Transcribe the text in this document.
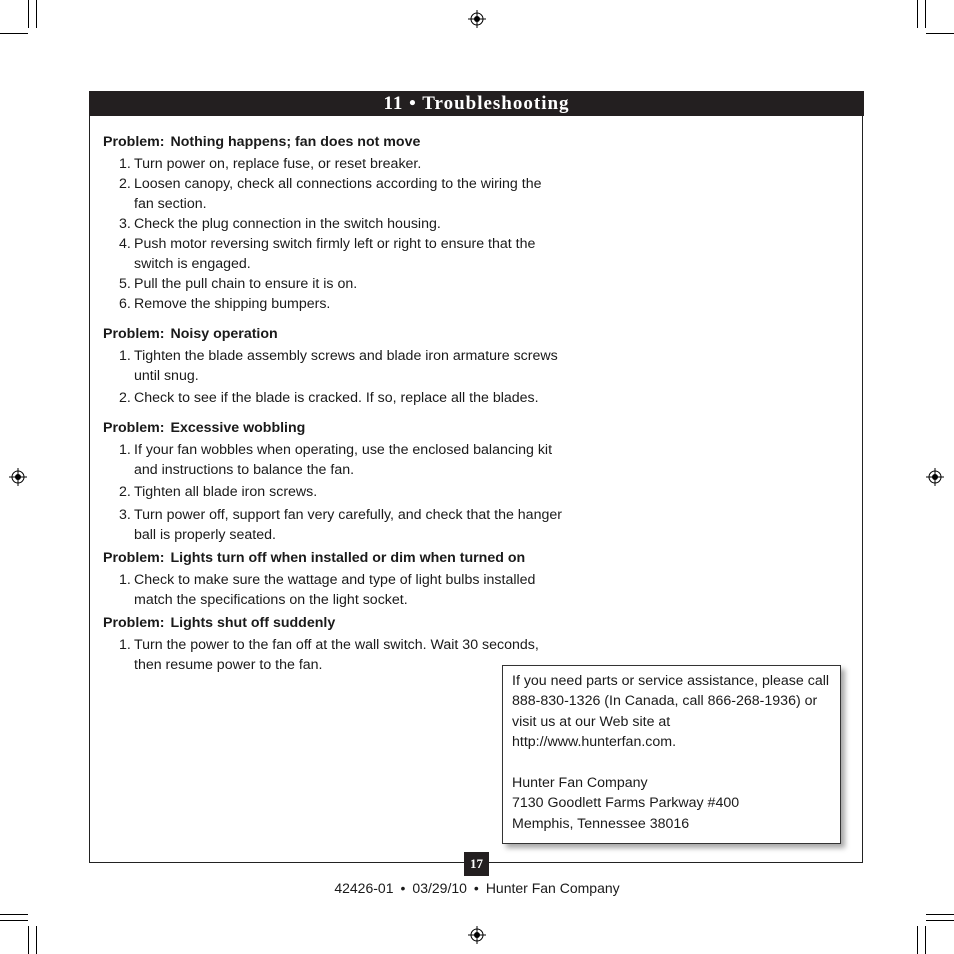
11 • Troubleshooting

Problem: Nothing happens; fan does not move

1. Turn power on, replace fuse, or reset breaker.
2. Loosen canopy, check all connections according to the wiring the fan section.
3. Check the plug connection in the switch housing.
4. Push motor reversing switch firmly left or right to ensure that the switch is engaged.
5. Pull the pull chain to ensure it is on.
6. Remove the shipping bumpers.

Problem: Noisy operation

1. Tighten the blade assembly screws and blade iron armature screws until snug.
2. Check to see if the blade is cracked. If so, replace all the blades.

Problem: Excessive wobbling

1. If your fan wobbles when operating, use the enclosed balancing kit and instructions to balance the fan.
2. Tighten all blade iron screws.
3. Turn power off, support fan very carefully, and check that the hanger ball is properly seated.

Problem: Lights turn off when installed or dim when turned on

1. Check to make sure the wattage and type of light bulbs installed match the specifications on the light socket.

Problem: Lights shut off suddenly

1. Turn the power to the fan off at the wall switch. Wait 30 seconds, then resume power to the fan.

If you need parts or service assistance, please call

888-830-1326 (In Canada, call 866-268-1936) or

visit us at our Web site at

http://www.hunterfan.com.

Hunter Fan Company

7130 Goodlett Farms Parkway #400

Memphis, Tennessee 38016

17
42426-01 • 03/29/10 • Hunter Fan Company
